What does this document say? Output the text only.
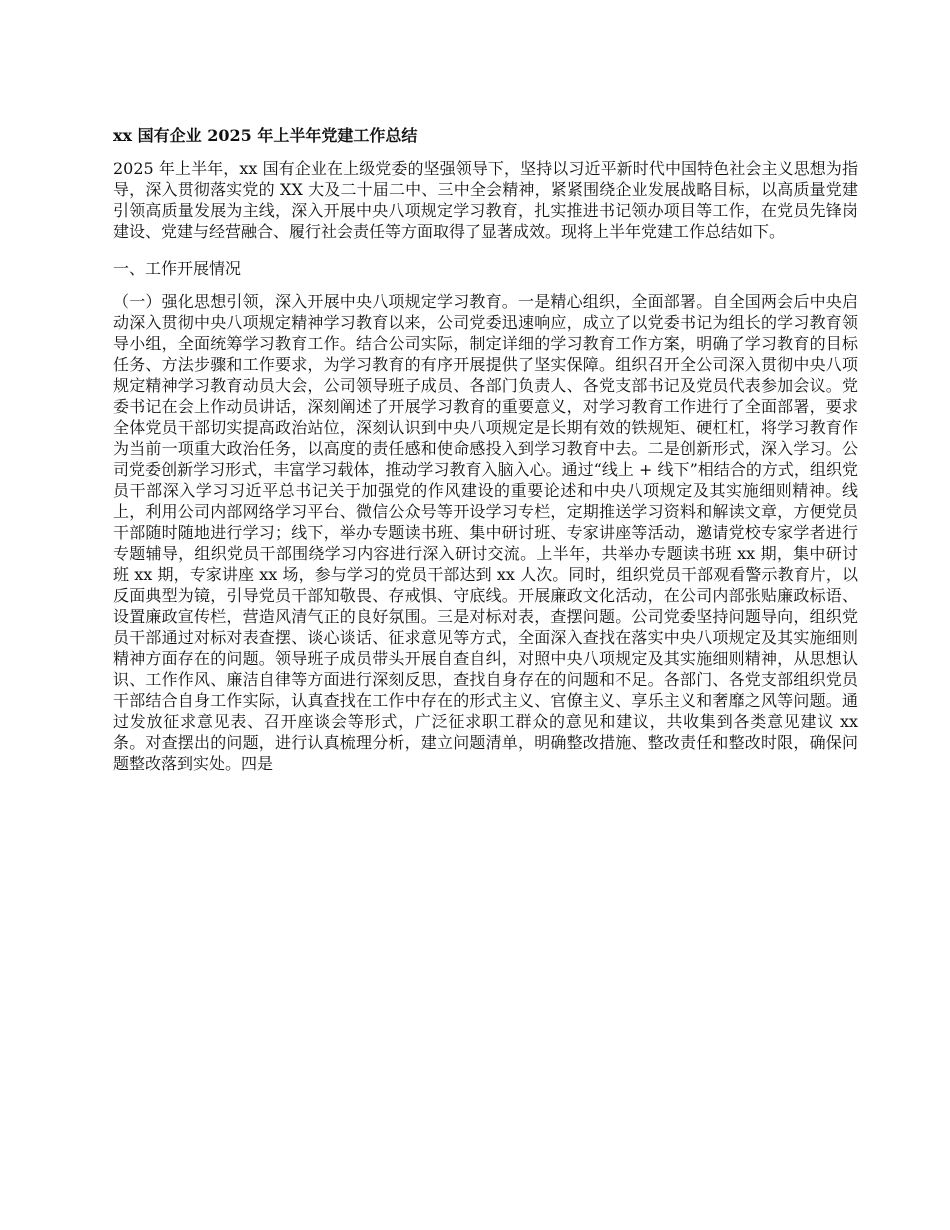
xx 国有企业 2025 年上半年党建工作总结
2025 年上半年，xx 国有企业在上级党委的坚强领导下，坚持以习近平新时代中国特色社会主义思想为指导，深入贯彻落实党的 XX 大及二十届二中、三中全会精神，紧紧围绕企业发展战略目标，以高质量党建引领高质量发展为主线，深入开展中央八项规定学习教育，扎实推进书记领办项目等工作，在党员先锋岗建设、党建与经营融合、履行社会责任等方面取得了显著成效。现将上半年党建工作总结如下。
一、工作开展情况
（一）强化思想引领，深入开展中央八项规定学习教育。一是精心组织，全面部署。自全国两会后中央启动深入贯彻中央八项规定精神学习教育以来，公司党委迅速响应，成立了以党委书记为组长的学习教育领导小组，全面统筹学习教育工作。结合公司实际，制定详细的学习教育工作方案，明确了学习教育的目标任务、方法步骤和工作要求，为学习教育的有序开展提供了坚实保障。组织召开全公司深入贯彻中央八项规定精神学习教育动员大会，公司领导班子成员、各部门负责人、各党支部书记及党员代表参加会议。党委书记在会上作动员讲话，深刻阐述了开展学习教育的重要意义，对学习教育工作进行了全面部署，要求全体党员干部切实提高政治站位，深刻认识到中央八项规定是长期有效的铁规矩、硬杠杠，将学习教育作为当前一项重大政治任务，以高度的责任感和使命感投入到学习教育中去。二是创新形式，深入学习。公司党委创新学习形式，丰富学习载体，推动学习教育入脑入心。通过“线上 + 线下”相结合的方式，组织党员干部深入学习习近平总书记关于加强党的作风建设的重要论述和中央八项规定及其实施细则精神。线上，利用公司内部网络学习平台、微信公众号等开设学习专栏，定期推送学习资料和解读文章，方便党员干部随时随地进行学习；线下，举办专题读书班、集中研讨班、专家讲座等活动，邀请党校专家学者进行专题辅导，组织党员干部围绕学习内容进行深入研讨交流。上半年，共举办专题读书班 xx 期，集中研讨班 xx 期，专家讲座 xx 场，参与学习的党员干部达到 xx 人次。同时，组织党员干部观看警示教育片，以反面典型为镜，引导党员干部知敬畏、存戒惧、守底线。开展廉政文化活动，在公司内部张贴廉政标语、设置廉政宣传栏，营造风清气正的良好氛围。三是对标对表，查摆问题。公司党委坚持问题导向，组织党员干部通过对标对表查摆、谈心谈话、征求意见等方式，全面深入查找在落实中央八项规定及其实施细则精神方面存在的问题。领导班子成员带头开展自查自纠，对照中央八项规定及其实施细则精神，从思想认识、工作作风、廉洁自律等方面进行深刻反思，查找自身存在的问题和不足。各部门、各党支部组织党员干部结合自身工作实际，认真查找在工作中存在的形式主义、官僚主义、享乐主义和奢靡之风等问题。通过发放征求意见表、召开座谈会等形式，广泛征求职工群众的意见和建议，共收集到各类意见建议 xx 条。对查摆出的问题，进行认真梳理分析，建立问题清单，明确整改措施、整改责任和整改时限，确保问题整改落到实处。四是
